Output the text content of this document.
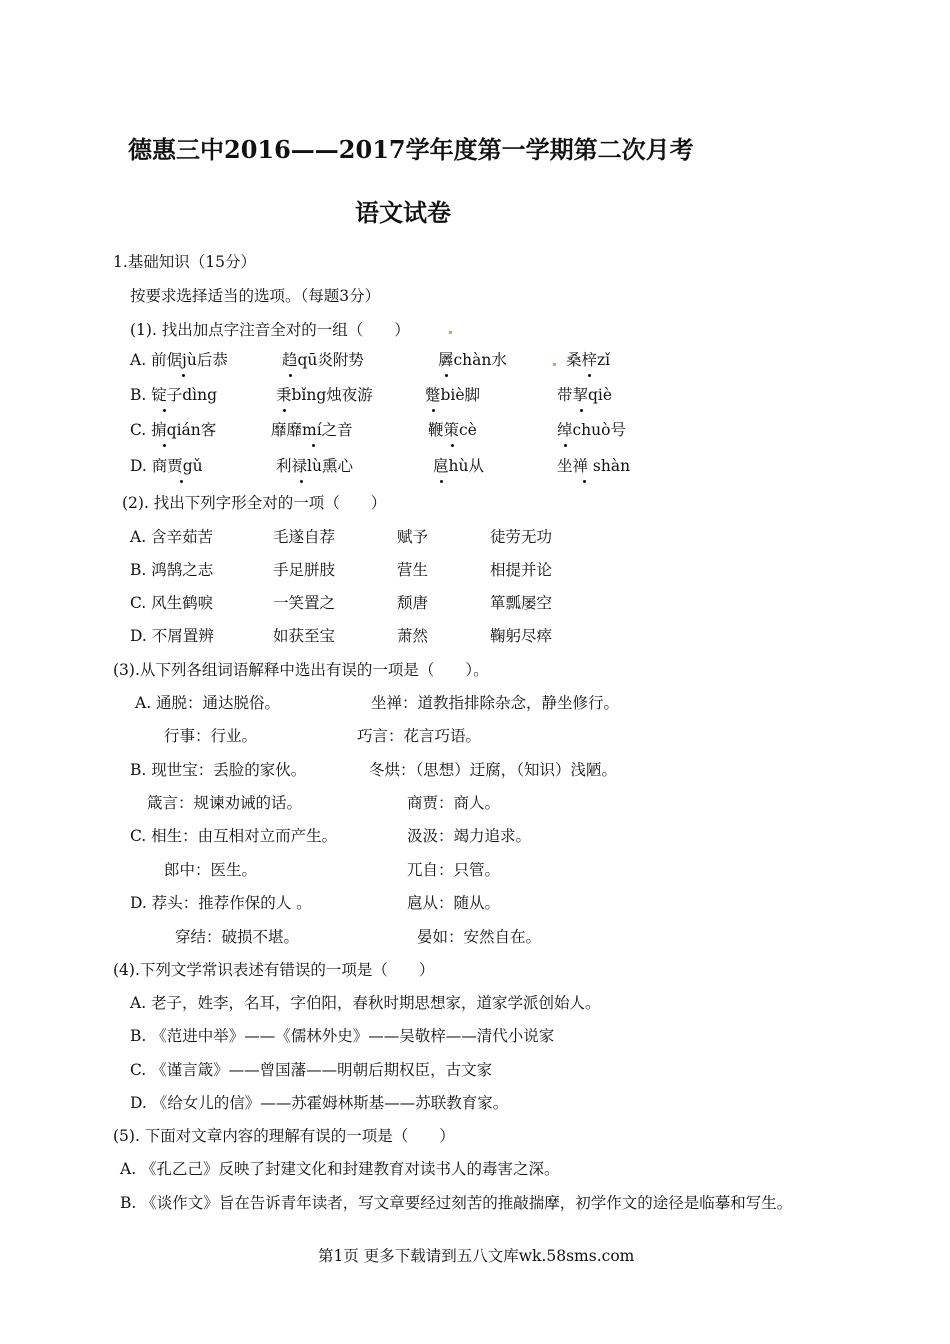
德惠三中2016——2017学年度第一学期第二次月考
语文试卷
1.基础知识（15分）
按要求选择适当的选项。（每题3分）
(1). 找出加点字注音全对的一组（　　）
A. 前倨jù后恭	趋qū炎附势	羼chàn水	桑梓zǐ
B. 锭子dìng	秉bǐng烛夜游	蹩biè脚	带挈qiè
C. 掮qián客	靡靡mí之音	鞭策cè	绰chuò号
D. 商贾gǔ	利禄lù熏心	扈hù从	坐禅 shàn
(2). 找出下列字形全对的一项（　　）
A. 含辛茹苦	毛遂自荐	赋予	徒劳无功
B. 鸿鹄之志	手足胼肢	营生	相提并论
C. 风生鹤唳	一笑置之	颓唐	箪瓢屡空
D. 不屑置辨	如获至宝	萧然	鞠躬尽瘁
(3).从下列各组词语解释中选出有误的一项是（　　）。
A. 通脱：通达脱俗。	坐禅：道教指排除杂念，静坐修行。
行事：行业。	巧言：花言巧语。
B. 现世宝：丢脸的家伙。	冬烘：（思想）迂腐，（知识）浅陋。
箴言：规谏劝诫的话。	商贾：商人。
C. 相生：由互相对立而产生。	汲汲：竭力追求。
郎中：医生。	兀自：只管。
D. 荐头：推荐作保的人 。	扈从：随从。
穿结：破损不堪。	晏如：安然自在。
(4).下列文学常识表述有错误的一项是（　　）
A. 老子，姓李，名耳，字伯阳，春秋时期思想家，道家学派创始人。
B. 《范进中举》——《儒林外史》——吴敬梓——清代小说家
C. 《谨言箴》——曾国藩——明朝后期权臣，古文家
D. 《给女儿的信》——苏霍姆林斯基——苏联教育家。
(5). 下面对文章内容的理解有误的一项是（　　）
A. 《孔乙己》反映了封建文化和封建教育对读书人的毒害之深。
B. 《谈作文》旨在告诉青年读者，写文章要经过刻苦的推敲揣摩，初学作文的途径是临摹和写生。
第1页 更多下载请到五八文库wk.58sms.com
